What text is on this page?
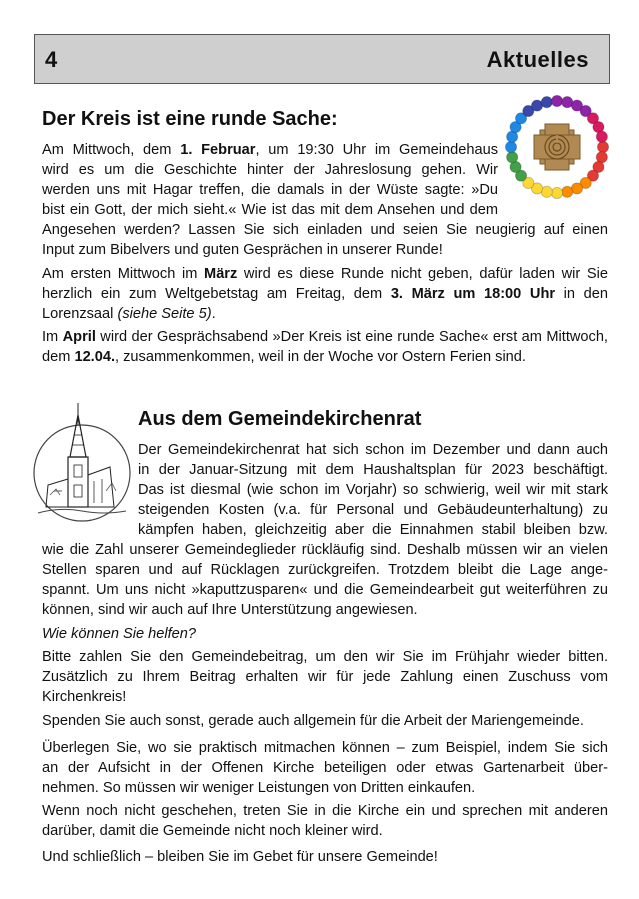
4	Aktuelles
Der Kreis ist eine runde Sache:
Am Mittwoch, dem 1. Februar, um 19:30 Uhr im Gemeindehaus
wird es um die Geschichte hinter der Jahreslosung gehen. Wir
werden uns mit Hagar treffen, die damals in der Wüste sagte: »Du
bist ein Gott, der mich sieht.« Wie ist das mit dem Ansehen und dem
Angesehen werden? Lassen Sie sich einladen und seien Sie neugierig auf einen
Input zum Bibelvers und guten Gesprächen in unserer Runde!

Am ersten Mittwoch im März wird es diese Runde nicht geben, dafür laden wir Sie herzlich ein zum Weltgebetstag am Freitag, dem 3. März um 18:00 Uhr in den Lorenzsaal (siehe Seite 5).

Im April wird der Gesprächsabend »Der Kreis ist eine runde Sache« erst am Mittwoch, dem 12.04., zusammenkommen, weil in der Woche vor Ostern Ferien sind.

Aus dem Gemeindekirchenrat
Der Gemeindekirchenrat hat sich schon im Dezember und dann auch
in der Januar-Sitzung mit dem Haushaltsplan für 2023 beschäftigt.
Das ist diesmal (wie schon im Vorjahr) so schwierig, weil wir mit stark
steigenden Kosten (v.a. für Personal und Gebäudeunterhaltung) zu
kämpfen haben, gleichzeitig aber die Einnahmen stabil bleiben bzw.
wie die Zahl unserer Gemeindeglieder rückläufig sind. Deshalb müssen wir an vielen
Stellen sparen und auf Rücklagen zurückgreifen. Trotzdem bleibt die Lage ange-
spannt. Um uns nicht »kaputtzusparen« und die Gemeindearbeit gut weiterführen zu
können, sind wir auch auf Ihre Unterstützung angewiesen.

Wie können Sie helfen?

Bitte zahlen Sie den Gemeindebeitrag, um den wir Sie im Frühjahr wieder bitten. Zusätzlich zu Ihrem Beitrag erhalten wir für jede Zahlung einen Zuschuss vom Kirchenkreis!

Spenden Sie auch sonst, gerade auch allgemein für die Arbeit der Mariengemeinde.

Überlegen Sie, wo sie praktisch mitmachen können – zum Beispiel, indem Sie sich
an der Aufsicht in der Offenen Kirche beteiligen oder etwas Gartenarbeit über-
nehmen. So müssen wir weniger Leistungen von Dritten einkaufen.

Wenn noch nicht geschehen, treten Sie in die Kirche ein und sprechen mit anderen darüber, damit die Gemeinde nicht noch kleiner wird.

Und schließlich – bleiben Sie im Gebet für unsere Gemeinde!
